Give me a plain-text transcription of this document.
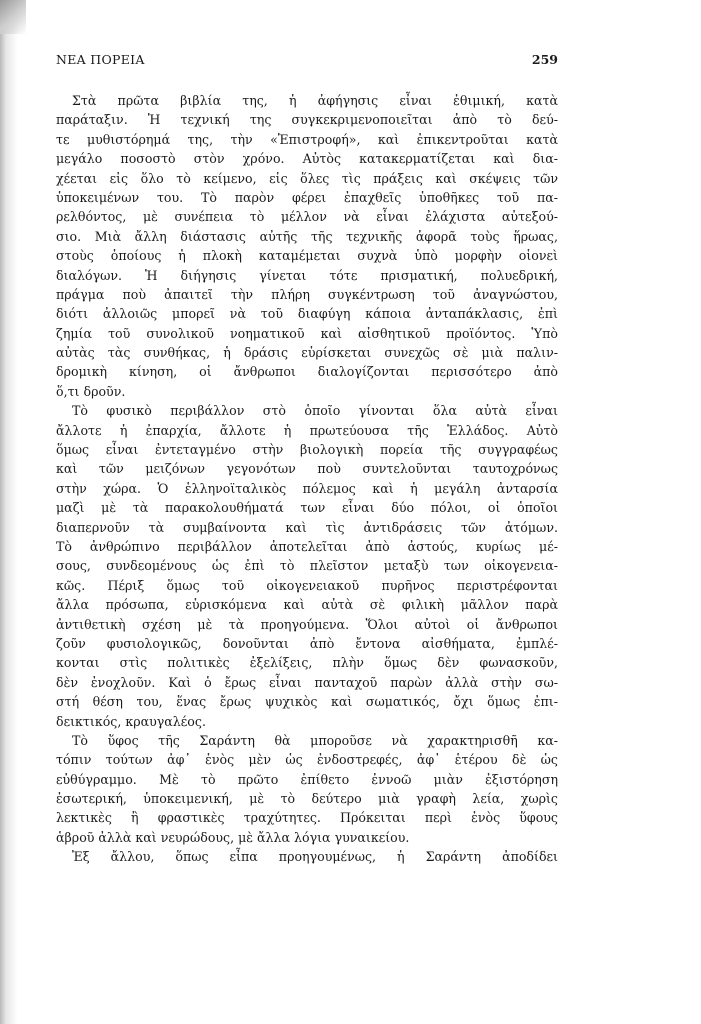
ΝΕΑ ΠΟΡΕΙΑ	259
Στὰ πρῶτα βιβλία της, ἡ ἀφήγησις εἶναι ἐθιμική, κατὰ
παράταξιν. Ἡ τεχνική της συγκεκριμενοποιεῖται ἀπὸ τὸ δεύ-
τε μυθιστόρημά της, τὴν «Ἐπιστροφή», καὶ ἐπικεντροῦται κατὰ
μεγάλο ποσοστὸ στὸν χρόνο. Αὐτὸς κατακερματίζεται καὶ δια-
χέεται εἰς ὅλο τὸ κείμενο, εἰς ὅλες τὶς πράξεις καὶ σκέψεις τῶν
ὑποκειμένων του. Τὸ παρὸν φέρει ἐπαχθεῖς ὑποθῆκες τοῦ πα-
ρελθόντος, μὲ συνέπεια τὸ μέλλον νὰ εἶναι ἐλάχιστα αὐτεξού-
σιο. Μιὰ ἄλλη διάστασις αὐτῆς τῆς τεχνικῆς ἀφορᾶ τοὺς ἥρωας,
στοὺς ὁποίους ἡ πλοκὴ καταμέμεται συχνὰ ὑπὸ μορφὴν οἱονεὶ
διαλόγων. Ἡ διήγησις γίνεται τότε πρισματική, πολυεδρική,
πράγμα ποὺ ἀπαιτεῖ τὴν πλήρη συγκέντρωση τοῦ ἀναγνώστου,
διότι ἀλλοιῶς μπορεῖ νὰ τοῦ διαφύγη κάποια ἀνταπάκλασις, ἐπὶ
ζημία τοῦ συνολικοῦ νοηματικοῦ καὶ αἰσθητικοῦ προϊόντος. Ὑπὸ
αὐτὰς τὰς συνθήκας, ἡ δράσις εὑρίσκεται συνεχῶς σὲ μιὰ παλιν-
δρομικὴ κίνηση, οἱ ἄνθρωποι διαλογίζονται περισσότερο ἀπὸ
ὅ,τι δροῦν.
Τὸ φυσικὸ περιβάλλον στὸ ὁποῖο γίνονται ὅλα αὐτὰ εἶναι
ἄλλοτε ἡ ἐπαρχία, ἄλλοτε ἡ πρωτεύουσα τῆς Ἑλλάδος. Αὐτὸ
ὅμως εἶναι ἐντεταγμένο στὴν βιολογικὴ πορεία τῆς συγγραφέως
καὶ τῶν μειζόνων γεγονότων ποὺ συντελοῦνται ταυτοχρόνως
στὴν χώρα. Ὁ ἑλληνοϊταλικὸς πόλεμος καὶ ἡ μεγάλη ἀνταρσία
μαζὶ μὲ τὰ παρακολουθήματά των εἶναι δύο πόλοι, οἱ ὁποῖοι
διαπερνοῦν τὰ συμβαίνοντα καὶ τὶς ἀντιδράσεις τῶν ἀτόμων.
Τὸ ἀνθρώπινο περιβάλλον ἀποτελεῖται ἀπὸ ἀστούς, κυρίως μέ-
σους, συνδεομένους ὡς ἐπὶ τὸ πλεῖστον μεταξὺ των οἰκογενεια-
κῶς. Πέριξ ὅμως τοῦ οἰκογενειακοῦ πυρῆνος περιστρέφονται
ἄλλα πρόσωπα, εὑρισκόμενα καὶ αὐτὰ σὲ φιλικὴ μᾶλλον παρὰ
ἀντιθετικὴ σχέση μὲ τὰ προηγούμενα. Ὅλοι αὐτοὶ οἱ ἄνθρωποι
ζοῦν φυσιολογικῶς, δονοῦνται ἀπὸ ἔντονα αἰσθήματα, ἐμπλέ-
κονται στὶς πολιτικὲς ἐξελίξεις, πλὴν ὅμως δὲν φωνασκοῦν,
δὲν ἐνοχλοῦν. Καὶ ὁ ἔρως εἶναι πανταχοῦ παρὼν ἀλλὰ στὴν σω-
στή θέση του, ἕνας ἔρως ψυχικὸς καὶ σωματικός, ὄχι ὅμως ἐπι-
δεικτικός, κραυγαλέος.
Τὸ ὕφος τῆς Σαράντη θὰ μποροῦσε νὰ χαρακτηρισθῆ κα-
τόπιν τούτων ἀφ᾽ ἑνὸς μὲν ὡς ἐνδοστρεφές, ἀφ᾽ ἑτέρου δὲ ὡς
εὐθύγραμμο. Μὲ τὸ πρῶτο ἐπίθετο ἐννοῶ μιὰν ἐξιστόρηση
ἐσωτερική, ὑποκειμενική, μὲ τὸ δεύτερο μιὰ γραφὴ λεία, χωρὶς
λεκτικὲς ἢ φραστικὲς τραχύτητες. Πρόκειται περὶ ἑνὸς ὕφους
ἁβροῦ ἀλλὰ καὶ νευρώδους, μὲ ἄλλα λόγια γυναικείου.
Ἐξ ἄλλου, ὅπως εἶπα προηγουμένως, ἡ Σαράντη ἀποδίδει
